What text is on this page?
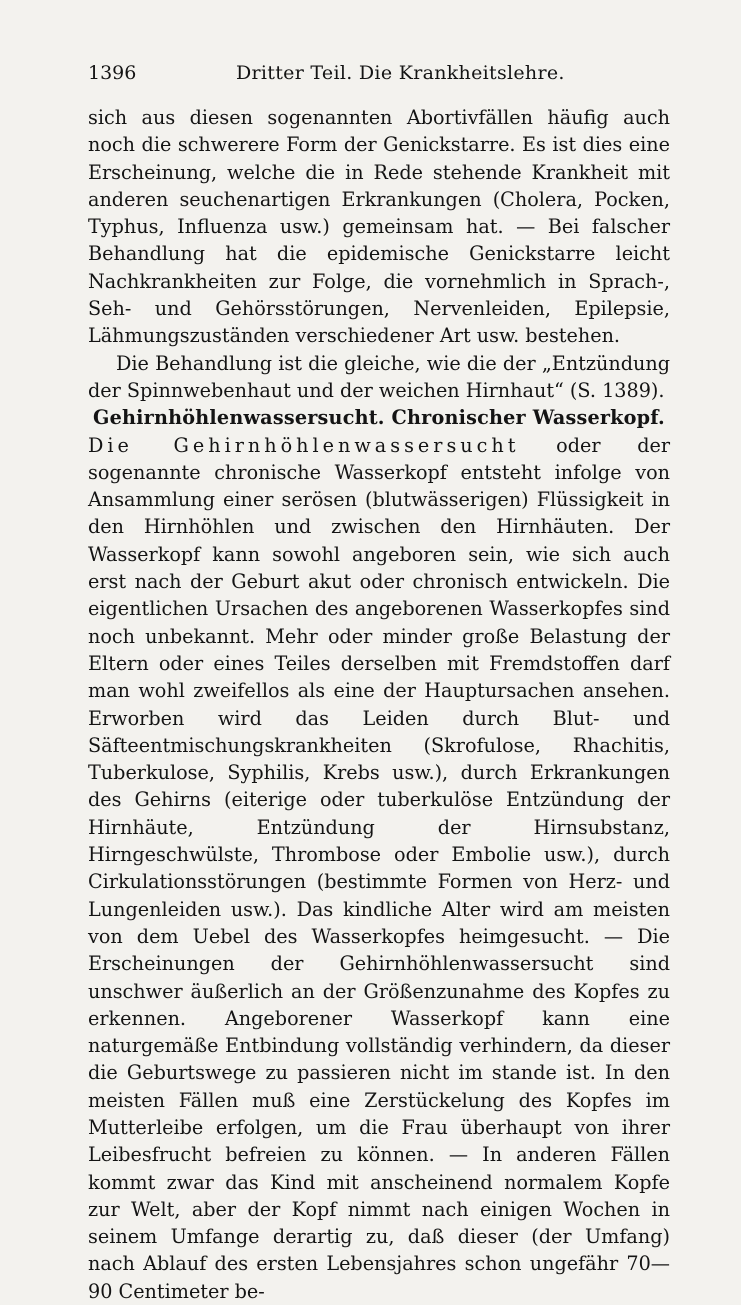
1396	Dritter Teil. Die Krankheitslehre.

sich aus diesen sogenannten Abortivfällen häufig auch noch die schwerere Form der Genickstarre. Es ist dies eine Erscheinung, welche die in Rede stehende Krankheit mit anderen seuchenartigen Erkrankungen (Cholera, Pocken, Typhus, Influenza usw.) gemeinsam hat. — Bei falscher Behandlung hat die epidemische Genickstarre leicht Nachkrankheiten zur Folge, die vornehmlich in Sprach-, Seh- und Gehörsstörungen, Nervenleiden, Epilepsie, Lähmungszuständen verschiedener Art usw. bestehen.

Die Behandlung ist die gleiche, wie die der „Entzündung der Spinnwebenhaut und der weichen Hirnhaut“ (S. 1389).

Gehirnhöhlenwassersucht. Chronischer Wasserkopf.

Die Gehirnhöhlenwassersucht oder der sogenannte chronische Wasserkopf entsteht infolge von Ansammlung einer serösen (blutwässerigen) Flüssigkeit in den Hirnhöhlen und zwischen den Hirnhäuten. Der Wasserkopf kann sowohl angeboren sein, wie sich auch erst nach der Geburt akut oder chronisch entwickeln. Die eigentlichen Ursachen des angeborenen Wasserkopfes sind noch unbekannt. Mehr oder minder große Belastung der Eltern oder eines Teiles derselben mit Fremdstoffen darf man wohl zweifellos als eine der Hauptursachen ansehen. Erworben wird das Leiden durch Blut- und Säfteentmischungskrankheiten (Skrofulose, Rhachitis, Tuberkulose, Syphilis, Krebs usw.), durch Erkrankungen des Gehirns (eiterige oder tuberkulöse Entzündung der Hirnhäute, Entzündung der Hirnsubstanz, Hirngeschwülste, Thrombose oder Embolie usw.), durch Cirkulationsstörungen (bestimmte Formen von Herz- und Lungenleiden usw.). Das kindliche Alter wird am meisten von dem Uebel des Wasserkopfes heimgesucht. — Die Erscheinungen der Gehirnhöhlenwassersucht sind unschwer äußerlich an der Größenzunahme des Kopfes zu erkennen. Angeborener Wasserkopf kann eine naturgemäße Entbindung vollständig verhindern, da dieser die Geburtswege zu passieren nicht im stande ist. In den meisten Fällen muß eine Zerstückelung des Kopfes im Mutterleibe erfolgen, um die Frau überhaupt von ihrer Leibesfrucht befreien zu können. — In anderen Fällen kommt zwar das Kind mit anscheinend normalem Kopfe zur Welt, aber der Kopf nimmt nach einigen Wochen in seinem Umfange derartig zu, daß dieser (der Umfang) nach Ablauf des ersten Lebensjahres schon ungefähr 70—90 Centimeter be-
